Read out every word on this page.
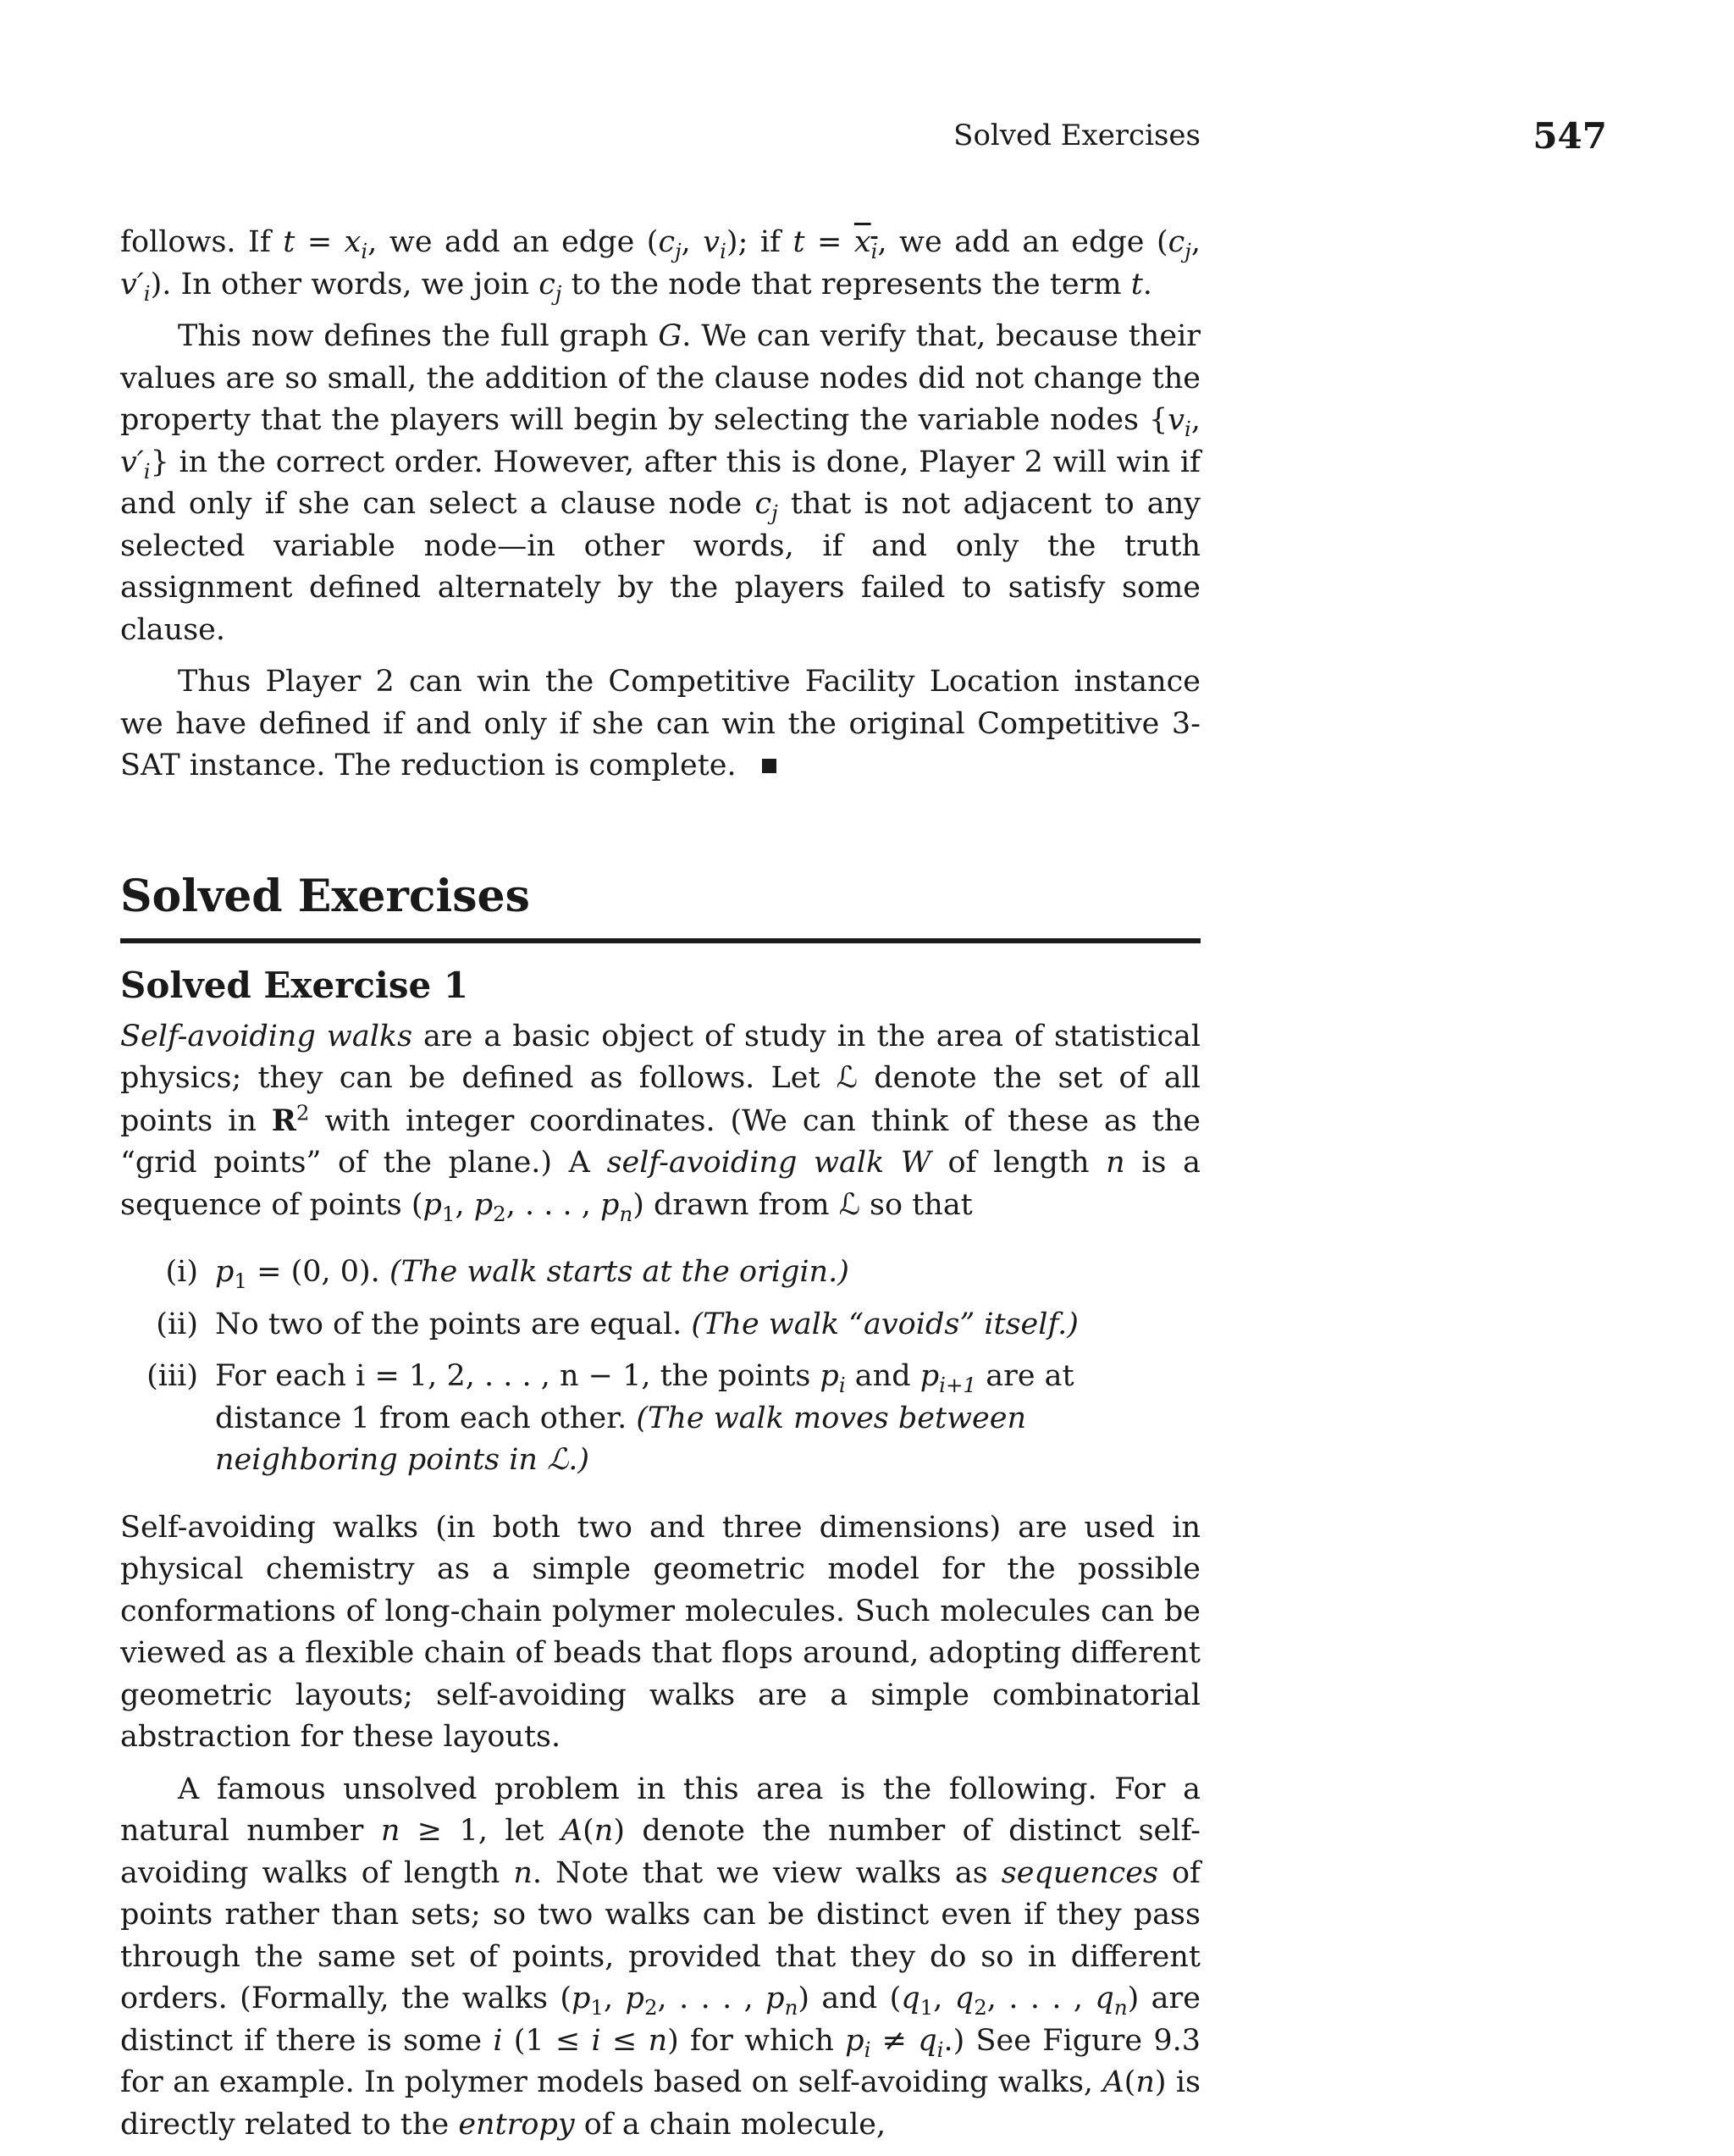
Solved Exercises	547

follows. If $t = x_i$, we add an edge ($c_j$, $v_i$); if $t = x_i$, we add an edge ($c_j$, $v'_i$). In other words, we join $c_j$ to the node that represents the term t.

This now defines the full graph G. We can verify that, because their values are so small, the addition of the clause nodes did not change the property that the players will begin by selecting the variable nodes {$v_i$, $v'_i$} in the correct order. However, after this is done, Player 2 will win if and only if she can select a clause node $c_j$ that is not adjacent to any selected variable node—in other words, if and only the truth assignment defined alternately by the players failed to satisfy some clause.

Thus Player 2 can win the Competitive Facility Location instance we have defined if and only if she can win the original Competitive 3-SAT instance. The reduction is complete.

Solved Exercises
Solved Exercise 1

Self-avoiding walks are a basic object of study in the area of statistical physics; they can be defined as follows. Let ℒ denote the set of all points in $R^2$ with integer coordinates. (We can think of these as the “grid points” of the plane.) A self-avoiding walk W of length n is a sequence of points ($p_1$, $p_2$, . . . , $p_n$) drawn from ℒ so that

(i) $p_1 = (0$, 0). (The walk starts at the origin.)
(ii) No two of the points are equal. (The walk “avoids” itself.)
(iii) For each i = 1, 2, . . . , n − 1, the points $p_i$ and $p_{i+1}$ are at distance 1 from each other. (The walk moves between neighboring points in ℒ.)

Self-avoiding walks (in both two and three dimensions) are used in physical chemistry as a simple geometric model for the possible conformations of long-chain polymer molecules. Such molecules can be viewed as a flexible chain of beads that flops around, adopting different geometric layouts; self-avoiding walks are a simple combinatorial abstraction for these layouts.

A famous unsolved problem in this area is the following. For a natural number n ≥ 1, let A(n) denote the number of distinct self-avoiding walks of length n. Note that we view walks as sequences of points rather than sets; so two walks can be distinct even if they pass through the same set of points, provided that they do so in different orders. (Formally, the walks ($p_1$, $p_2$, . . . , $p_n$) and ($q_1$, $q_2$, . . . , $q_n$) are distinct if there is some i (1 ≤ i ≤ n) for which $p_i \ne q_i$.) See Figure 9.3 for an example. In polymer models based on self-avoiding walks, A(n) is directly related to the entropy of a chain molecule,
